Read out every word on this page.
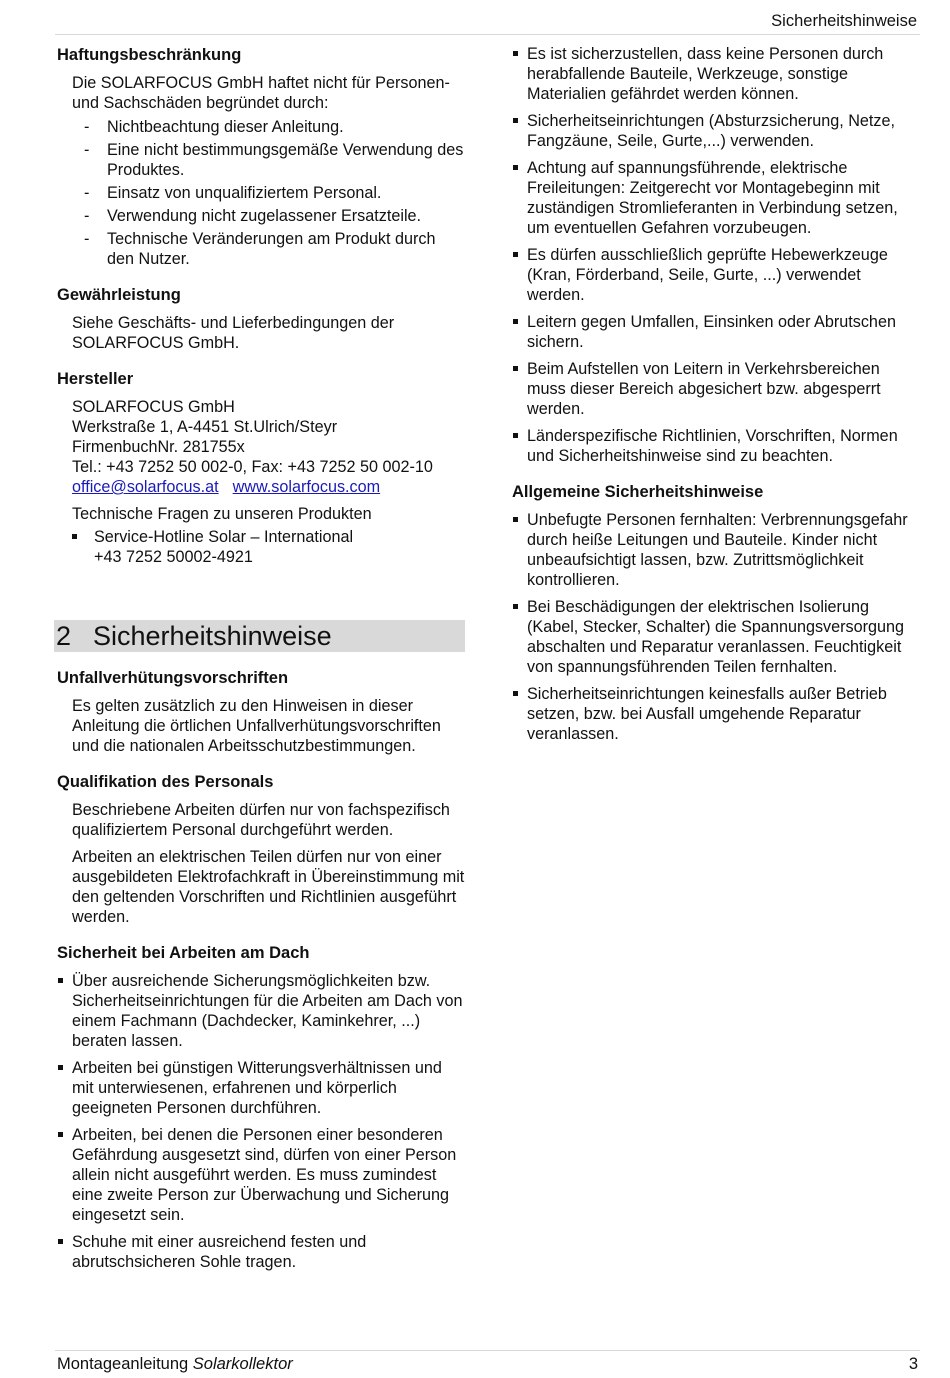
Sicherheitshinweise
Haftungsbeschränkung

Die SOLARFOCUS GmbH haftet nicht für Personen- und Sachschäden begründet durch:

- Nichtbeachtung dieser Anleitung.
- Eine nicht bestimmungsgemäße Verwendung des Produktes.
- Einsatz von unqualifiziertem Personal.
- Verwendung nicht zugelassener Ersatzteile.
- Technische Veränderungen am Produkt durch den Nutzer.
Gewährleistung

Siehe Geschäfts- und Lieferbedingungen der SOLARFOCUS GmbH.

Hersteller
SOLARFOCUS GmbH
Werkstraße 1, A-4451 St.Ulrich/Steyr
FirmenbuchNr. 281755x
Tel.: +43 7252 50 002-0, Fax: +43 7252 50 002-10
office@solarfocus.at www.solarfocus.com

Technische Fragen zu unseren Produkten

Service-Hotline Solar – International
+43 7252 50002-4921
2 Sicherheitshinweise
Unfallverhütungsvorschriften

Es gelten zusätzlich zu den Hinweisen in dieser Anleitung die örtlichen Unfallverhütungsvorschriften und die nationalen Arbeitsschutzbestimmungen.

Qualifikation des Personals

Beschriebene Arbeiten dürfen nur von fachspezifisch qualifiziertem Personal durchgeführt werden.

Arbeiten an elektrischen Teilen dürfen nur von einer ausgebildeten Elektrofachkraft in Übereinstimmung mit den geltenden Vorschriften und Richtlinien ausgeführt werden.

Sicherheit bei Arbeiten am Dach
Über ausreichende Sicherungsmöglichkeiten bzw. Sicherheitseinrichtungen für die Arbeiten am Dach von einem Fachmann (Dachdecker, Kaminkehrer, ...) beraten lassen.
Arbeiten bei günstigen Witterungsverhältnissen und mit unterwiesenen, erfahrenen und körperlich geeigneten Personen durchführen.
Arbeiten, bei denen die Personen einer besonderen Gefährdung ausgesetzt sind, dürfen von einer Person allein nicht ausgeführt werden. Es muss zumindest eine zweite Person zur Überwachung und Sicherung eingesetzt sein.
Schuhe mit einer ausreichend festen und abrutschsicheren Sohle tragen.
Es ist sicherzustellen, dass keine Personen durch herabfallende Bauteile, Werkzeuge, sonstige Materialien gefährdet werden können.
Sicherheitseinrichtungen (Absturzsicherung, Netze, Fangzäune, Seile, Gurte,...) verwenden.
Achtung auf spannungsführende, elektrische Freileitungen: Zeitgerecht vor Montagebeginn mit zuständigen Stromlieferanten in Verbindung setzen, um eventuellen Gefahren vorzubeugen.
Es dürfen ausschließlich geprüfte Hebewerkzeuge (Kran, Förderband, Seile, Gurte, ...) verwendet werden.
Leitern gegen Umfallen, Einsinken oder Abrutschen sichern.
Beim Aufstellen von Leitern in Verkehrsbereichen muss dieser Bereich abgesichert bzw. abgesperrt werden.
Länderspezifische Richtlinien, Vorschriften, Normen und Sicherheitshinweise sind zu beachten.
Allgemeine Sicherheitshinweise
Unbefugte Personen fernhalten: Verbrennungsgefahr durch heiße Leitungen und Bauteile. Kinder nicht unbeaufsichtigt lassen, bzw. Zutrittsmöglichkeit kontrollieren.
Bei Beschädigungen der elektrischen Isolierung (Kabel, Stecker, Schalter) die Spannungsversorgung abschalten und Reparatur veranlassen. Feuchtigkeit von spannungsführenden Teilen fernhalten.
Sicherheitseinrichtungen keinesfalls außer Betrieb setzen, bzw. bei Ausfall umgehende Reparatur veranlassen.
Montageanleitung Solarkollektor	3
